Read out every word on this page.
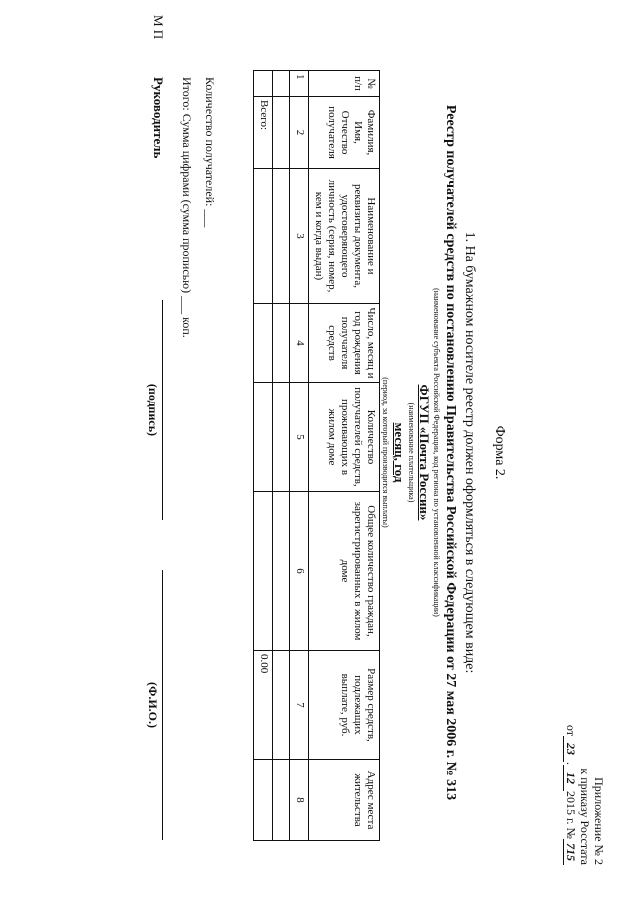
Приложение № 2
к приказу Росстата
от23.122015 г. №715
Форма 2.
1. На бумажном носителе реестр должен оформляться в следующем виде:
Реестр получателей средств по постановлению Правительства Российской Федерации от 27 мая 2006 г. № 313
(наименование субъекта Российской Федерации, код региона по установленной классификации)
ФГУП «Почта России»
(наименование плательщика)
месяц, год
(период, за который производится выплаты)
№ п/п	Фамилия, Имя, Отчество получателя	Наименование и реквизиты документа, удостоверяющего личность (серия, номер, кем и когда выдан)	Число, месяц и год рождения получателя средств	Количество получателей средств, проживающих в жилом доме	Общее количество граждан, зарегистрированных в жилом доме	Размер средств, подлежащих выплате, руб.	Адрес места жительства
1	2	3	4	5	6	7	8

	Всего:					0.00	
Количество получателей: ___
Итого: Сумма цифрами (сумма прописью) ___ коп.
М П
Руководитель
(подпись)
(Ф.И.О.)
